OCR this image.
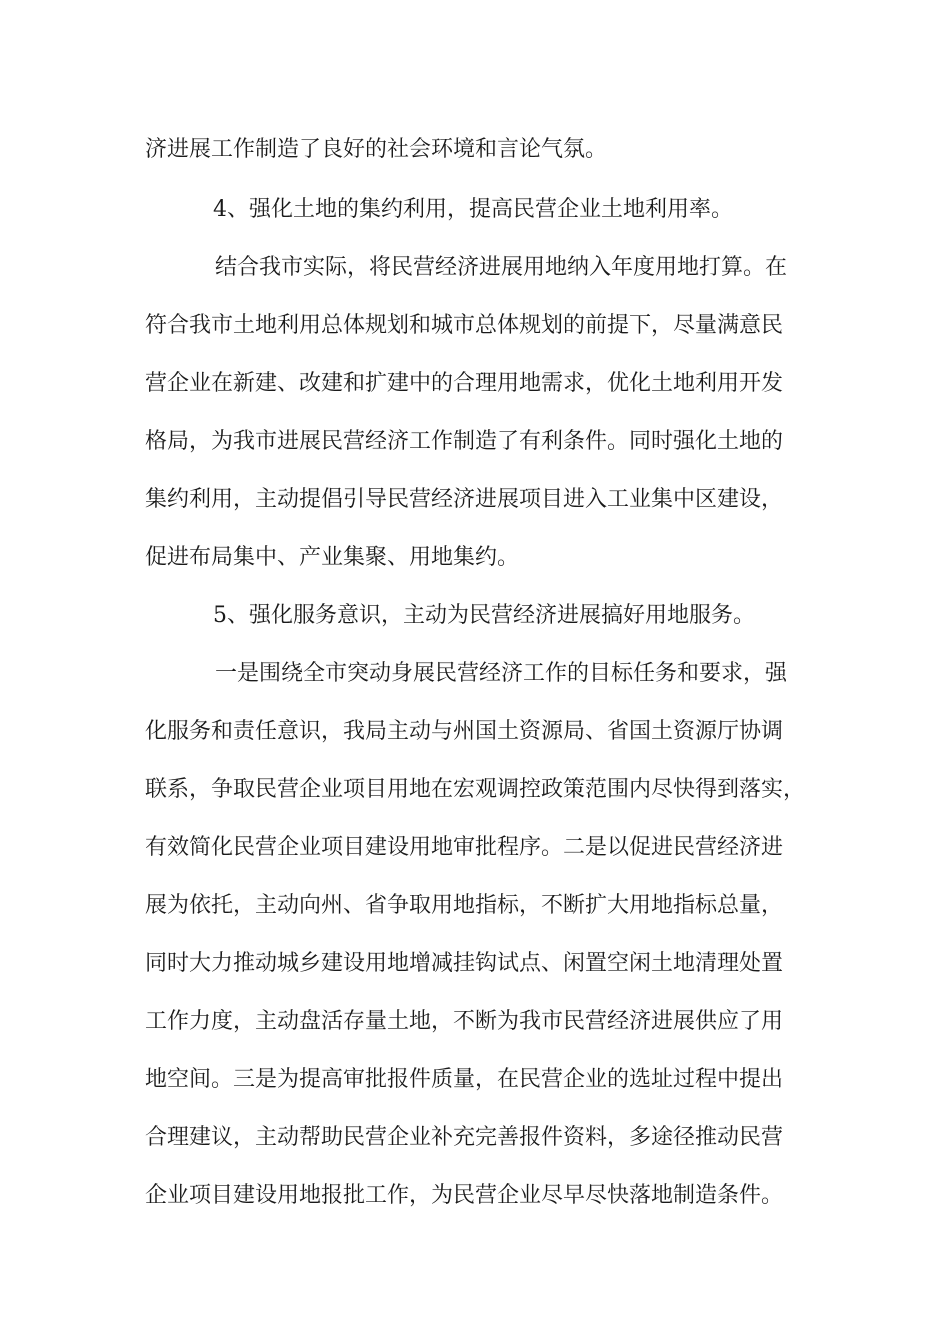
济进展工作制造了良好的社会环境和言论气氛。
4、强化土地的集约利用，提高民营企业土地利用率。
结合我市实际，将民营经济进展用地纳入年度用地打算。在
符合我市土地利用总体规划和城市总体规划的前提下，尽量满意民
营企业在新建、改建和扩建中的合理用地需求，优化土地利用开发
格局，为我市进展民营经济工作制造了有利条件。同时强化土地的
集约利用，主动提倡引导民营经济进展项目进入工业集中区建设，
促进布局集中、产业集聚、用地集约。
5、强化服务意识，主动为民营经济进展搞好用地服务。
一是围绕全市突动身展民营经济工作的目标任务和要求，强
化服务和责任意识，我局主动与州国土资源局、省国土资源厅协调
联系，争取民营企业项目用地在宏观调控政策范围内尽快得到落实，
有效简化民营企业项目建设用地审批程序。二是以促进民营经济进
展为依托，主动向州、省争取用地指标，不断扩大用地指标总量，
同时大力推动城乡建设用地增减挂钩试点、闲置空闲土地清理处置
工作力度，主动盘活存量土地，不断为我市民营经济进展供应了用
地空间。三是为提高审批报件质量，在民营企业的选址过程中提出
合理建议，主动帮助民营企业补充完善报件资料，多途径推动民营
企业项目建设用地报批工作，为民营企业尽早尽快落地制造条件。
